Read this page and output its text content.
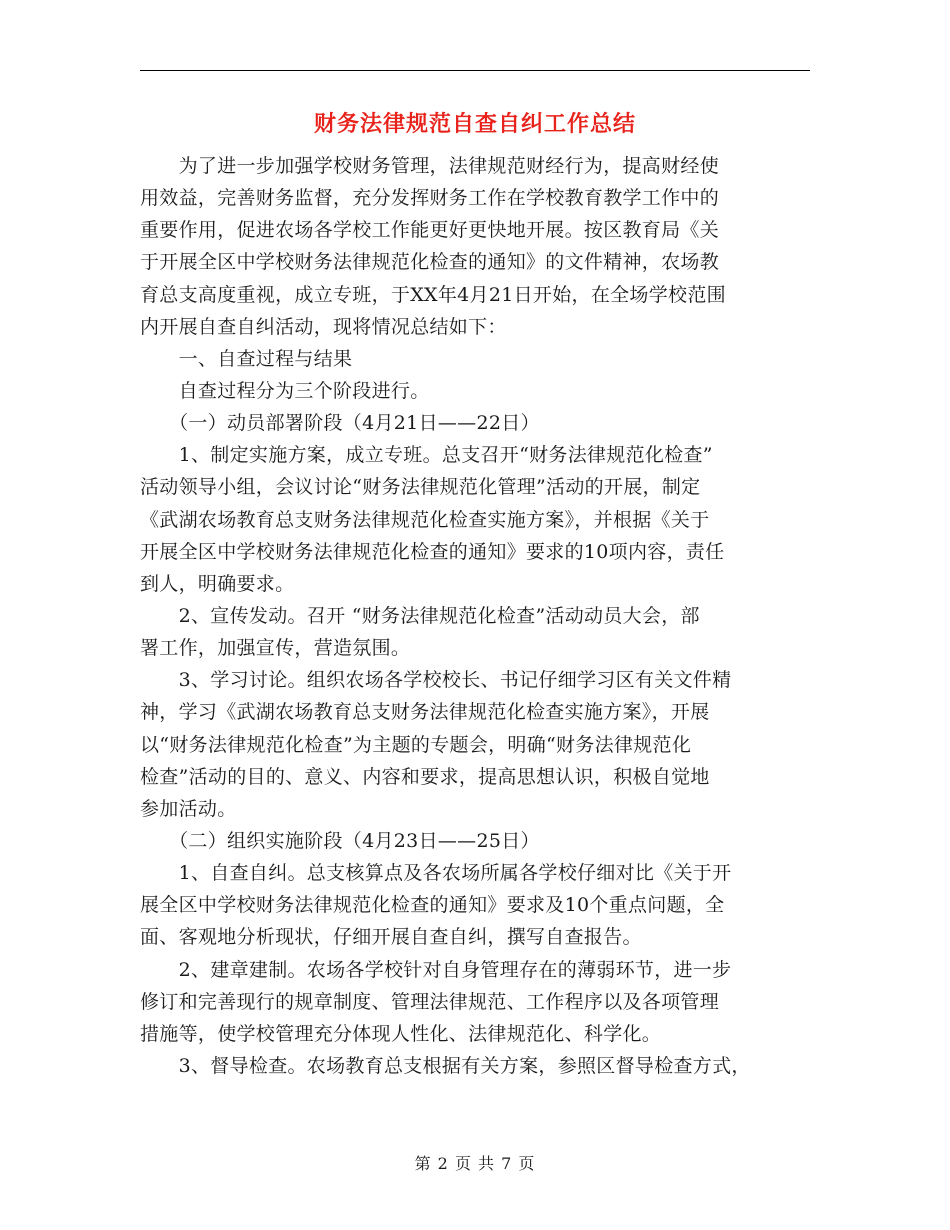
财务法律规范自查自纠工作总结
　　为了进一步加强学校财务管理，法律规范财经行为，提高财经使
用效益，完善财务监督，充分发挥财务工作在学校教育教学工作中的
重要作用，促进农场各学校工作能更好更快地开展。按区教育局《关
于开展全区中学校财务法律规范化检查的通知》的文件精神，农场教
育总支高度重视，成立专班，于XX年4月21日开始，在全场学校范围
内开展自查自纠活动，现将情况总结如下：
　　一、自查过程与结果
　　自查过程分为三个阶段进行。
　　（一）动员部署阶段（4月21日——22日）
　　1、制定实施方案，成立专班。总支召开“财务法律规范化检查”
活动领导小组，会议讨论“财务法律规范化管理”活动的开展，制定
《武湖农场教育总支财务法律规范化检查实施方案》，并根据《关于
开展全区中学校财务法律规范化检查的通知》要求的10项内容，责任
到人，明确要求。
　　2、宣传发动。召开 “财务法律规范化检查”活动动员大会，部
署工作，加强宣传，营造氛围。
　　3、学习讨论。组织农场各学校校长、书记仔细学习区有关文件精
神，学习《武湖农场教育总支财务法律规范化检查实施方案》，开展
以“财务法律规范化检查”为主题的专题会，明确“财务法律规范化
检查”活动的目的、意义、内容和要求，提高思想认识，积极自觉地
参加活动。
　　（二）组织实施阶段（4月23日——25日）
　　1、自查自纠。总支核算点及各农场所属各学校仔细对比《关于开
展全区中学校财务法律规范化检查的通知》要求及10个重点问题，全
面、客观地分析现状，仔细开展自查自纠，撰写自查报告。
　　2、建章建制。农场各学校针对自身管理存在的薄弱环节，进一步
修订和完善现行的规章制度、管理法律规范、工作程序以及各项管理
措施等，使学校管理充分体现人性化、法律规范化、科学化。
　　3、督导检查。农场教育总支根据有关方案，参照区督导检查方式，
第 2 页 共 7 页
